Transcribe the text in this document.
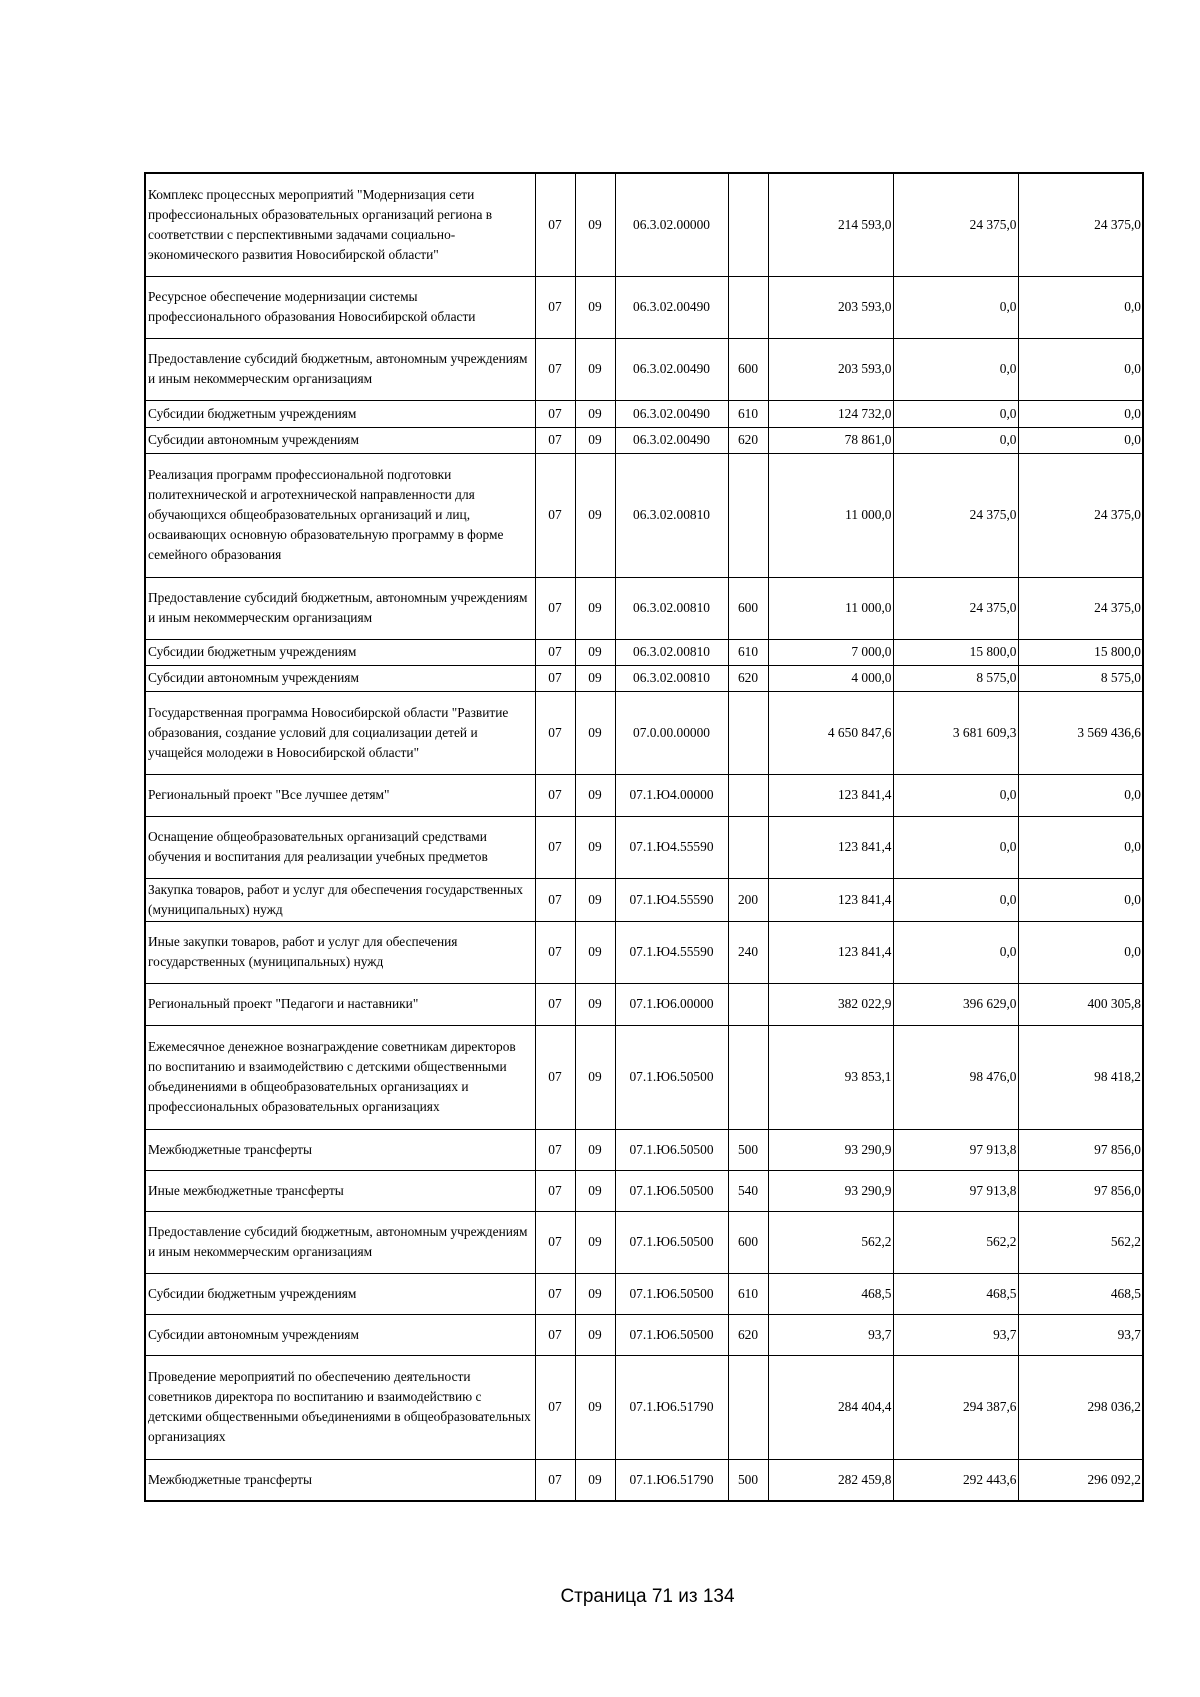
Комплекс процессных мероприятий "Модернизация сети профессиональных образовательных организаций региона в соответствии с перспективными задачами социально-экономического развития Новосибирской области"	07	09	06.3.02.00000		214 593,0	24 375,0	24 375,0
Ресурсное обеспечение модернизации системы профессионального образования Новосибирской области	07	09	06.3.02.00490		203 593,0	0,0	0,0
Предоставление субсидий бюджетным, автономным учреждениям и иным некоммерческим организациям	07	09	06.3.02.00490	600	203 593,0	0,0	0,0
Субсидии бюджетным учреждениям	07	09	06.3.02.00490	610	124 732,0	0,0	0,0
Субсидии автономным учреждениям	07	09	06.3.02.00490	620	78 861,0	0,0	0,0
Реализация программ профессиональной подготовки политехнической и агротехнической направленности для обучающихся общеобразовательных организаций и лиц, осваивающих основную образовательную программу в форме семейного образования	07	09	06.3.02.00810		11 000,0	24 375,0	24 375,0
Предоставление субсидий бюджетным, автономным учреждениям и иным некоммерческим организациям	07	09	06.3.02.00810	600	11 000,0	24 375,0	24 375,0
Субсидии бюджетным учреждениям	07	09	06.3.02.00810	610	7 000,0	15 800,0	15 800,0
Субсидии автономным учреждениям	07	09	06.3.02.00810	620	4 000,0	8 575,0	8 575,0
Государственная программа Новосибирской области "Развитие образования, создание условий для социализации детей и учащейся молодежи в Новосибирской области"	07	09	07.0.00.00000		4 650 847,6	3 681 609,3	3 569 436,6
Региональный проект "Все лучшее детям"	07	09	07.1.Ю4.00000		123 841,4	0,0	0,0
Оснащение общеобразовательных организаций средствами обучения и воспитания для реализации учебных предметов	07	09	07.1.Ю4.55590		123 841,4	0,0	0,0
Закупка товаров, работ и услуг для обеспечения государственных (муниципальных) нужд	07	09	07.1.Ю4.55590	200	123 841,4	0,0	0,0
Иные закупки товаров, работ и услуг для обеспечения государственных (муниципальных) нужд	07	09	07.1.Ю4.55590	240	123 841,4	0,0	0,0
Региональный проект "Педагоги и наставники"	07	09	07.1.Ю6.00000		382 022,9	396 629,0	400 305,8
Ежемесячное денежное вознаграждение советникам директоров по воспитанию и взаимодействию с детскими общественными объединениями в общеобразовательных организациях и профессиональных образовательных организациях	07	09	07.1.Ю6.50500		93 853,1	98 476,0	98 418,2
Межбюджетные трансферты	07	09	07.1.Ю6.50500	500	93 290,9	97 913,8	97 856,0
Иные межбюджетные трансферты	07	09	07.1.Ю6.50500	540	93 290,9	97 913,8	97 856,0
Предоставление субсидий бюджетным, автономным учреждениям и иным некоммерческим организациям	07	09	07.1.Ю6.50500	600	562,2	562,2	562,2
Субсидии бюджетным учреждениям	07	09	07.1.Ю6.50500	610	468,5	468,5	468,5
Субсидии автономным учреждениям	07	09	07.1.Ю6.50500	620	93,7	93,7	93,7
Проведение мероприятий по обеспечению деятельности советников директора по воспитанию и взаимодействию с детскими общественными объединениями в общеобразовательных организациях	07	09	07.1.Ю6.51790		284 404,4	294 387,6	298 036,2
Межбюджетные трансферты	07	09	07.1.Ю6.51790	500	282 459,8	292 443,6	296 092,2
Страница 71 из 134
